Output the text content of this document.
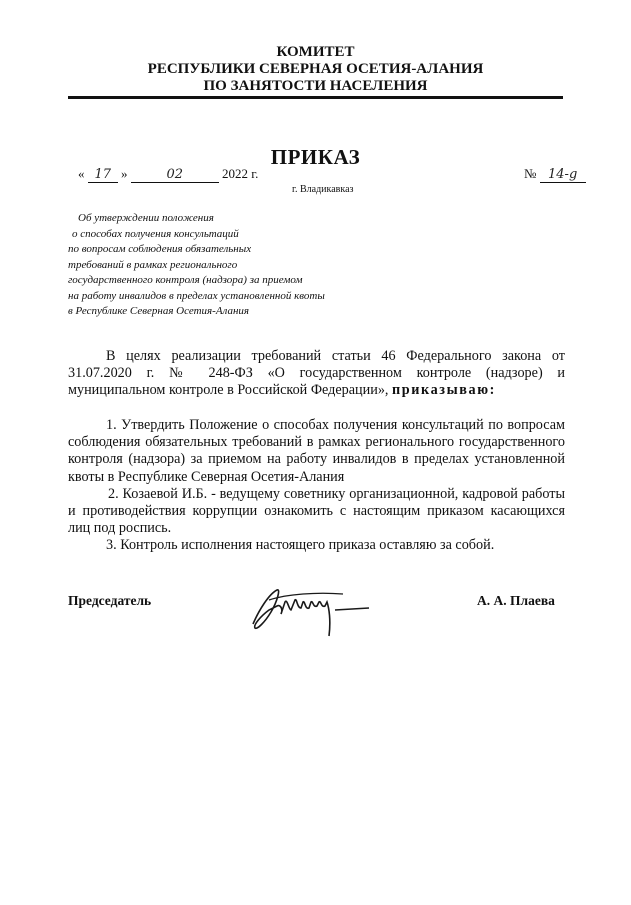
КОМИТЕТ
РЕСПУБЛИКИ СЕВЕРНАЯ ОСЕТИЯ-АЛАНИЯ
ПО ЗАНЯТОСТИ НАСЕЛЕНИЯ
ПРИКАЗ
« 17 »	02	2022 г.
г. Владикавказ
№ 14-g
Об утверждении положения
о способах получения консультаций
по вопросам соблюдения обязательных
требований в рамках регионального
государственного контроля (надзора) за приемом
на работу инвалидов в пределах установленной квоты
в Республике Северная Осетия-Алания

В целях реализации требований статьи 46 Федерального закона от 31.07.2020 г. № 248-ФЗ «О государственном контроле (надзоре) и муниципальном контроле в Российской Федерации», приказываю:

1. Утвердить Положение о способах получения консультаций по вопросам соблюдения обязательных требований в рамках регионального государственного контроля (надзора) за приемом на работу инвалидов в пределах установленной квоты в Республике Северная Осетия-Алания

2. Козаевой И.Б. - ведущему советнику организационной, кадровой работы и противодействия коррупции ознакомить с настоящим приказом касающихся лиц под роспись.

3. Контроль исполнения настоящего приказа оставляю за собой.

Председатель	А. А. Плаева
